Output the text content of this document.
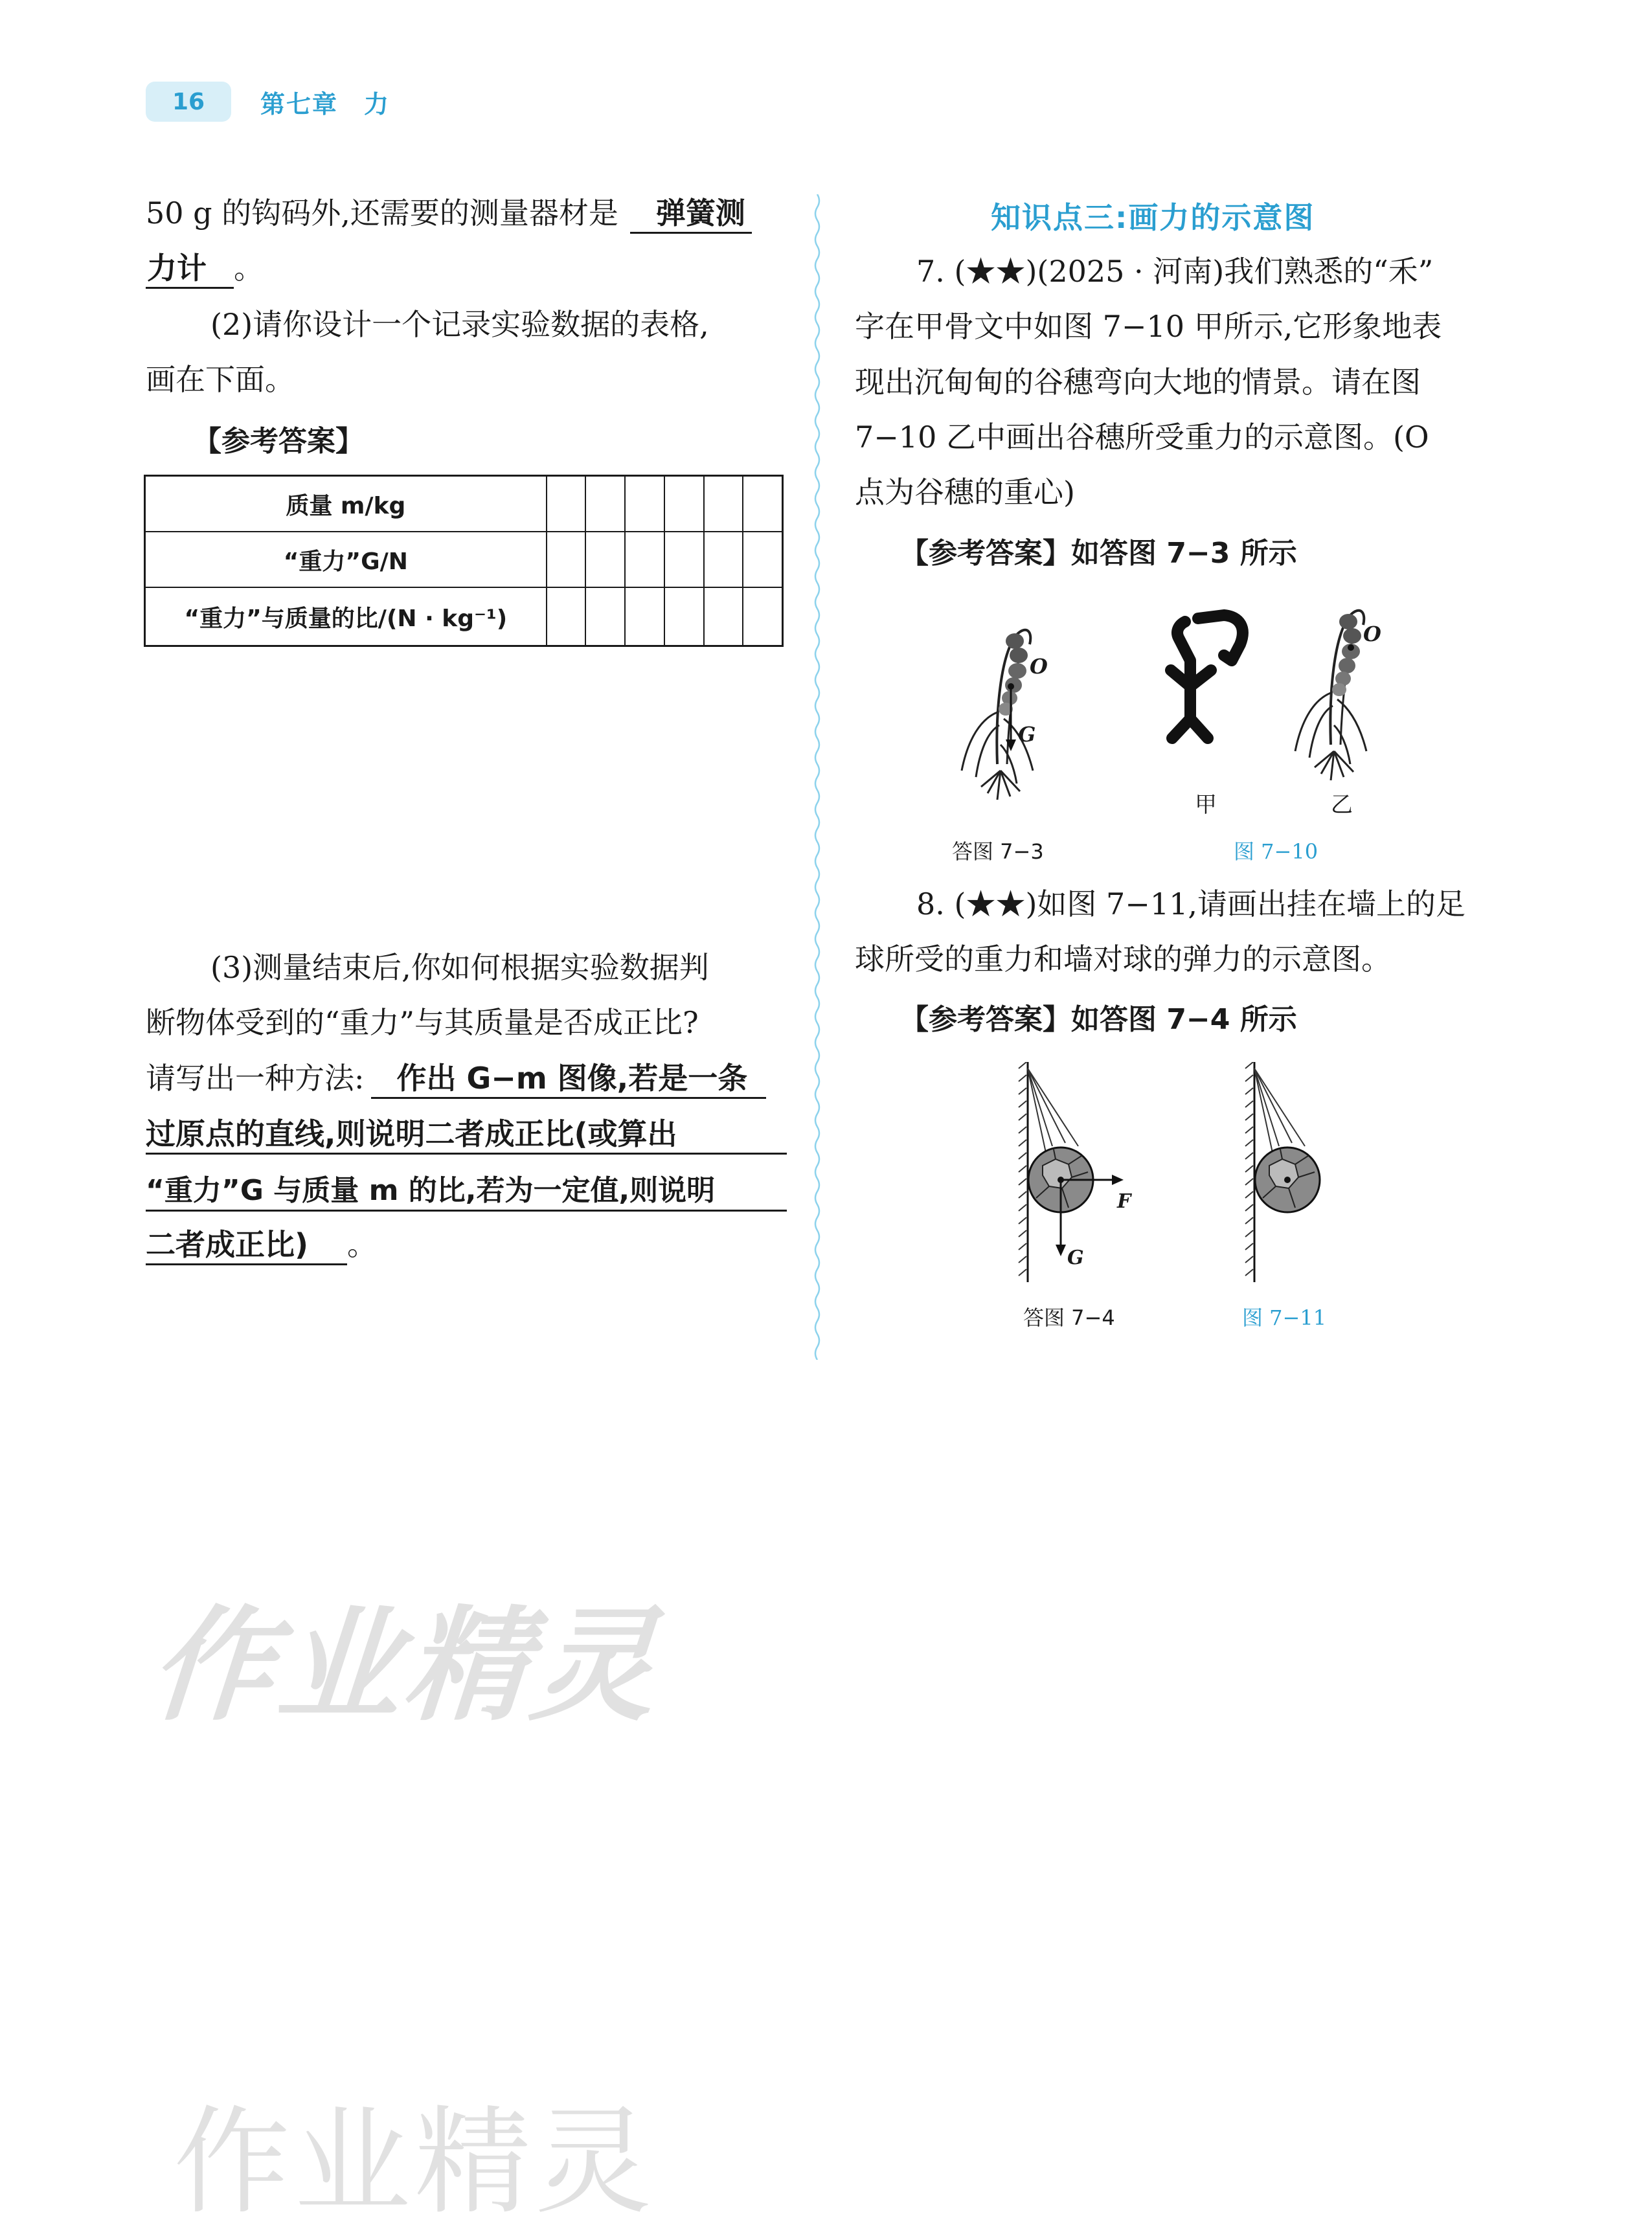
16	第七章　力
50 g 的钩码外,还需要的测量器材是 弹簧测
力计 。
(2)请你设计一个记录实验数据的表格,
画在下面。
【参考答案】
质量 m/kg						
“重力”G/N						
“重力”与质量的比/(N · kg⁻¹)						
(3)测量结束后,你如何根据实验数据判
断物体受到的“重力”与其质量是否成正比?
请写出一种方法: 作出 G−m 图像,若是一条
过原点的直线,则说明二者成正比(或算出
“重力”G 与质量 m 的比,若为一定值,则说明
二者成正比) 。
知识点三:画力的示意图
7. (★★)(2025 · 河南)我们熟悉的“禾”
字在甲骨文中如图 7−10 甲所示,它形象地表
现出沉甸甸的谷穗弯向大地的情景。请在图
7−10 乙中画出谷穗所受重力的示意图。(O
点为谷穗的重心)
【参考答案】如答图 7−3 所示
O
G
答图 7−3
甲
O
乙
图 7−10
8. (★★)如图 7−11,请画出挂在墙上的足
球所受的重力和墙对球的弹力的示意图。
【参考答案】如答图 7−4 所示
F
G
答图 7−4	图 7−11
作业精灵
作业精灵
